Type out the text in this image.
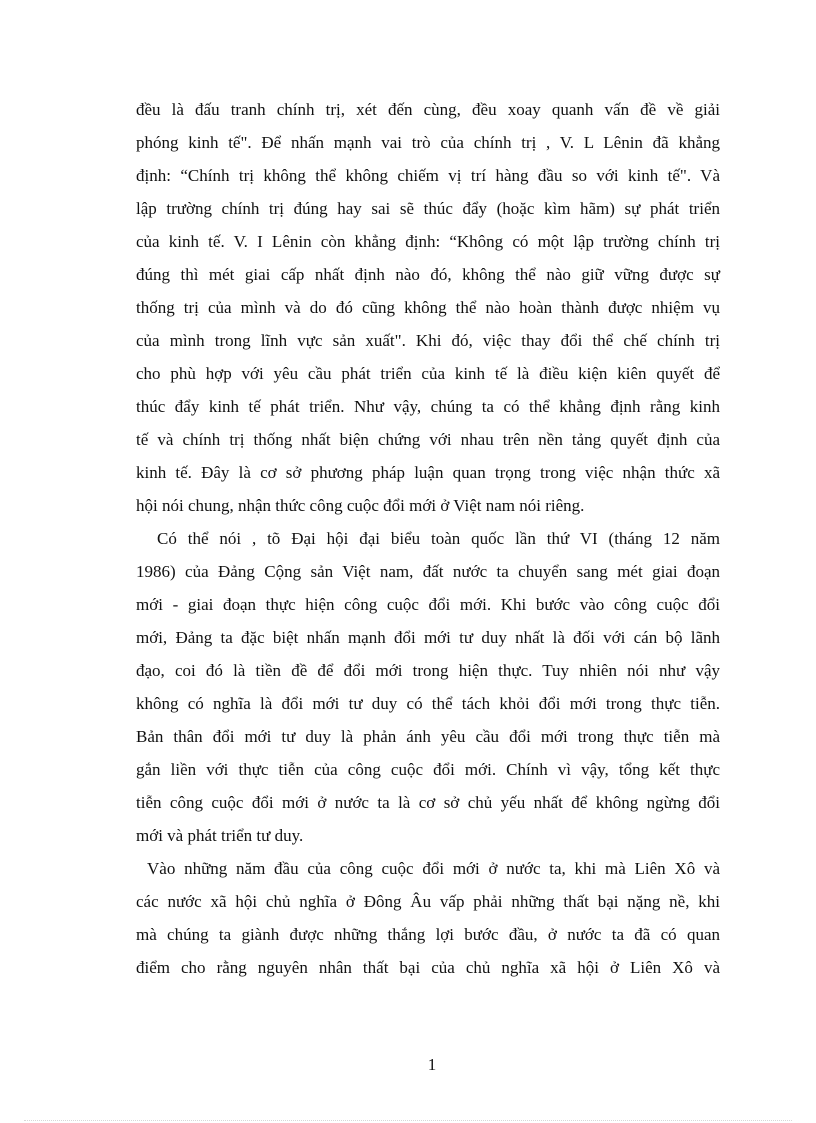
đều là đấu tranh chính trị, xét đến cùng, đều xoay quanh vấn đề về giải
phóng kinh tế". Để nhấn mạnh vai trò của chính trị , V. L Lênin đã khẳng
định: “Chính trị không thể không chiếm vị trí hàng đầu so với kinh tế". Và
lập trường chính trị đúng hay sai sẽ thúc đẩy (hoặc kìm hãm) sự phát triển
của kinh tế. V. I Lênin còn khẳng định: “Không có một lập trường chính trị
đúng thì mét giai cấp nhất định nào đó, không thể nào giữ vững được sự
thống trị của mình và do đó cũng không thể nào hoàn thành được nhiệm vụ
của mình trong lĩnh vực sản xuất". Khi đó, việc thay đổi thể chế chính trị
cho phù hợp với yêu cầu phát triển của kinh tế là điều kiện kiên quyết để
thúc đẩy kinh tế phát triển. Như vậy, chúng ta có thể khẳng định rằng kinh
tế và chính trị thống nhất biện chứng với nhau trên nền tảng quyết định của
kinh tế. Đây là cơ sở phương pháp luận quan trọng trong việc nhận thức xã
hội nói chung, nhận thức công cuộc đổi mới ở Việt nam nói riêng.
Có thể nói , tõ Đại hội đại biểu toàn quốc lần thứ VI (tháng 12 năm
1986) của Đảng Cộng sản Việt nam, đất nước ta chuyển sang mét giai đoạn
mới - giai đoạn thực hiện công cuộc đổi mới. Khi bước vào công cuộc đổi
mới, Đảng ta đặc biệt nhấn mạnh đổi mới tư duy nhất là đối với cán bộ lãnh
đạo, coi đó là tiền đề để đổi mới trong hiện thực. Tuy nhiên nói như vậy
không có nghĩa là đổi mới tư duy có thể tách khỏi đổi mới trong thực tiễn.
Bản thân đổi mới tư duy là phản ánh yêu cầu đổi mới trong thực tiễn mà
gắn liền với thực tiễn của công cuộc đổi mới. Chính vì vậy, tổng kết thực
tiễn công cuộc đổi mới ở nước ta là cơ sở chủ yếu nhất để không ngừng đổi
mới và phát triển tư duy.
Vào những năm đầu của công cuộc đổi mới ở nước ta, khi mà Liên Xô và
các nước xã hội chủ nghĩa ở Đông Âu vấp phải những thất bại nặng nề, khi
mà chúng ta giành được những thắng lợi bước đầu, ở nước ta đã có quan
điểm cho rằng nguyên nhân thất bại của chủ nghĩa xã hội ở Liên Xô và
1
